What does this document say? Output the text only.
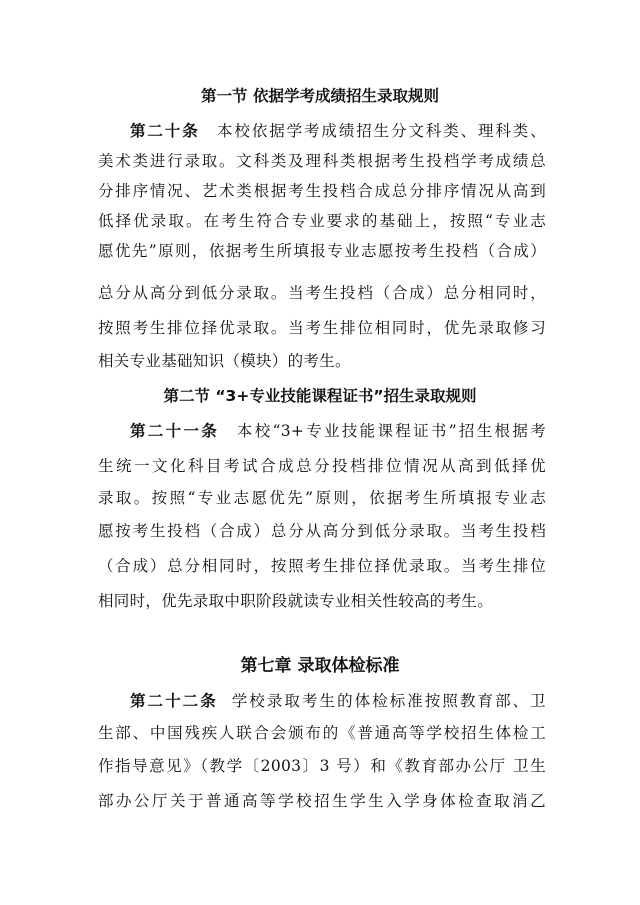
第一节 依据学考成绩招生录取规则
第二十条  本校依据学考成绩招生分文科类、理科类、
美术类进行录取。文科类及理科类根据考生投档学考成绩总
分排序情况、艺术类根据考生投档合成总分排序情况从高到
低择优录取。在考生符合专业要求的基础上，按照“专业志
愿优先”原则，依据考生所填报专业志愿按考生投档（合成）
总分从高分到低分录取。当考生投档（合成）总分相同时，
按照考生排位择优录取。当考生排位相同时，优先录取修习
相关专业基础知识（模块）的考生。
第二节 “3+专业技能课程证书”招生录取规则
第二十一条  本校“3+专业技能课程证书”招生根据考
生统一文化科目考试合成总分投档排位情况从高到低择优
录取。按照“专业志愿优先”原则，依据考生所填报专业志
愿按考生投档（合成）总分从高分到低分录取。当考生投档
（合成）总分相同时，按照考生排位择优录取。当考生排位
相同时，优先录取中职阶段就读专业相关性较高的考生。
第七章 录取体检标准
第二十二条  学校录取考生的体检标准按照教育部、卫
生部、中国残疾人联合会颁布的《普通高等学校招生体检工
作指导意见》（教学〔2003〕3 号）和《教育部办公厅 卫生
部办公厅关于普通高等学校招生学生入学身体检查取消乙
